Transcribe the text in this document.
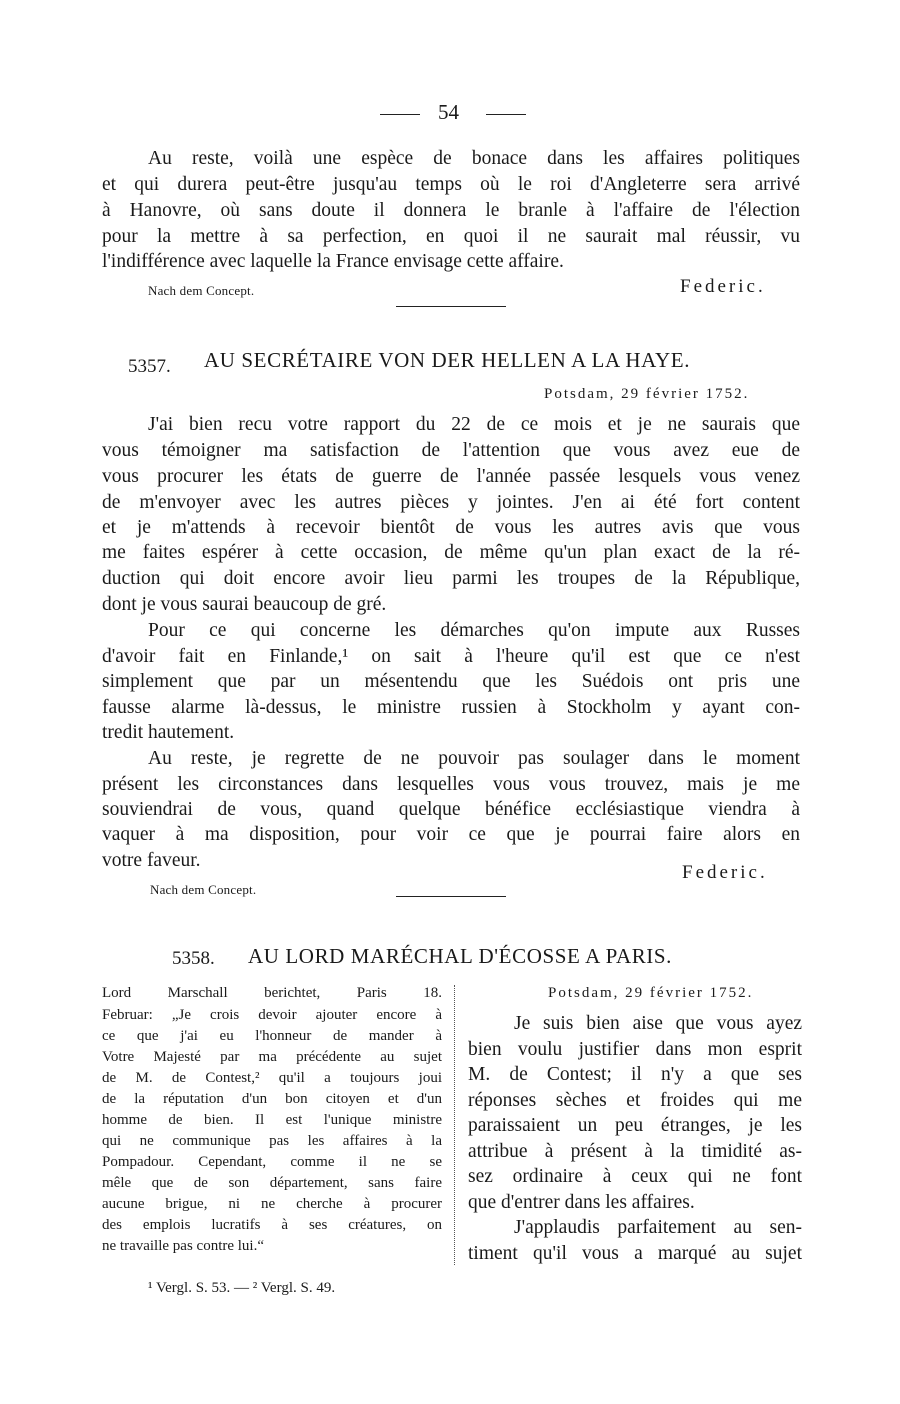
54
Au reste, voilà une espèce de bonace dans les affaires politiques
et qui durera peut-être jusqu'au temps où le roi d'Angleterre sera arrivé
à Hanovre, où sans doute il donnera le branle à l'affaire de l'élection
pour la mettre à sa perfection, en quoi il ne saurait mal réussir, vu
l'indifférence avec laquelle la France envisage cette affaire.
Nach dem Concept.	Federic.
5357. AU SECRÉTAIRE VON DER HELLEN A LA HAYE.
Potsdam, 29 février 1752.
J'ai bien recu votre rapport du 22 de ce mois et je ne saurais que
vous témoigner ma satisfaction de l'attention que vous avez eue de
vous procurer les états de guerre de l'année passée lesquels vous venez
de m'envoyer avec les autres pièces y jointes. J'en ai été fort content
et je m'attends à recevoir bientôt de vous les autres avis que vous
me faites espérer à cette occasion, de même qu'un plan exact de la ré-
duction qui doit encore avoir lieu parmi les troupes de la République,
dont je vous saurai beaucoup de gré.
Pour ce qui concerne les démarches qu'on impute aux Russes
d'avoir fait en Finlande,¹ on sait à l'heure qu'il est que ce n'est
simplement que par un mésentendu que les Suédois ont pris une
fausse alarme là-dessus, le ministre russien à Stockholm y ayant con-
tredit hautement.
Au reste, je regrette de ne pouvoir pas soulager dans le moment
présent les circonstances dans lesquelles vous vous trouvez, mais je me
souviendrai de vous, quand quelque bénéfice ecclésiastique viendra à
vaquer à ma disposition, pour voir ce que je pourrai faire alors en
votre faveur.
Federic.
Nach dem Concept.
5358. AU LORD MARÉCHAL D'ÉCOSSE A PARIS.
Lord Marschall berichtet, Paris 18.
Februar: „Je crois devoir ajouter encore à
ce que j'ai eu l'honneur de mander à
Votre Majesté par ma précédente au sujet
de M. de Contest,² qu'il a toujours joui
de la réputation d'un bon citoyen et d'un
homme de bien. Il est l'unique ministre
qui ne communique pas les affaires à la
Pompadour. Cependant, comme il ne se
mêle que de son département, sans faire
aucune brigue, ni ne cherche à procurer
des emplois lucratifs à ses créatures, on
ne travaille pas contre lui.“
Potsdam, 29 février 1752.
Je suis bien aise que vous ayez
bien voulu justifier dans mon esprit
M. de Contest; il n'y a que ses
réponses sèches et froides qui me
paraissaient un peu étranges, je les
attribue à présent à la timidité as-
sez ordinaire à ceux qui ne font
que d'entrer dans les affaires.
J'applaudis parfaitement au sen-
timent qu'il vous a marqué au sujet
¹ Vergl. S. 53. — ² Vergl. S. 49.
